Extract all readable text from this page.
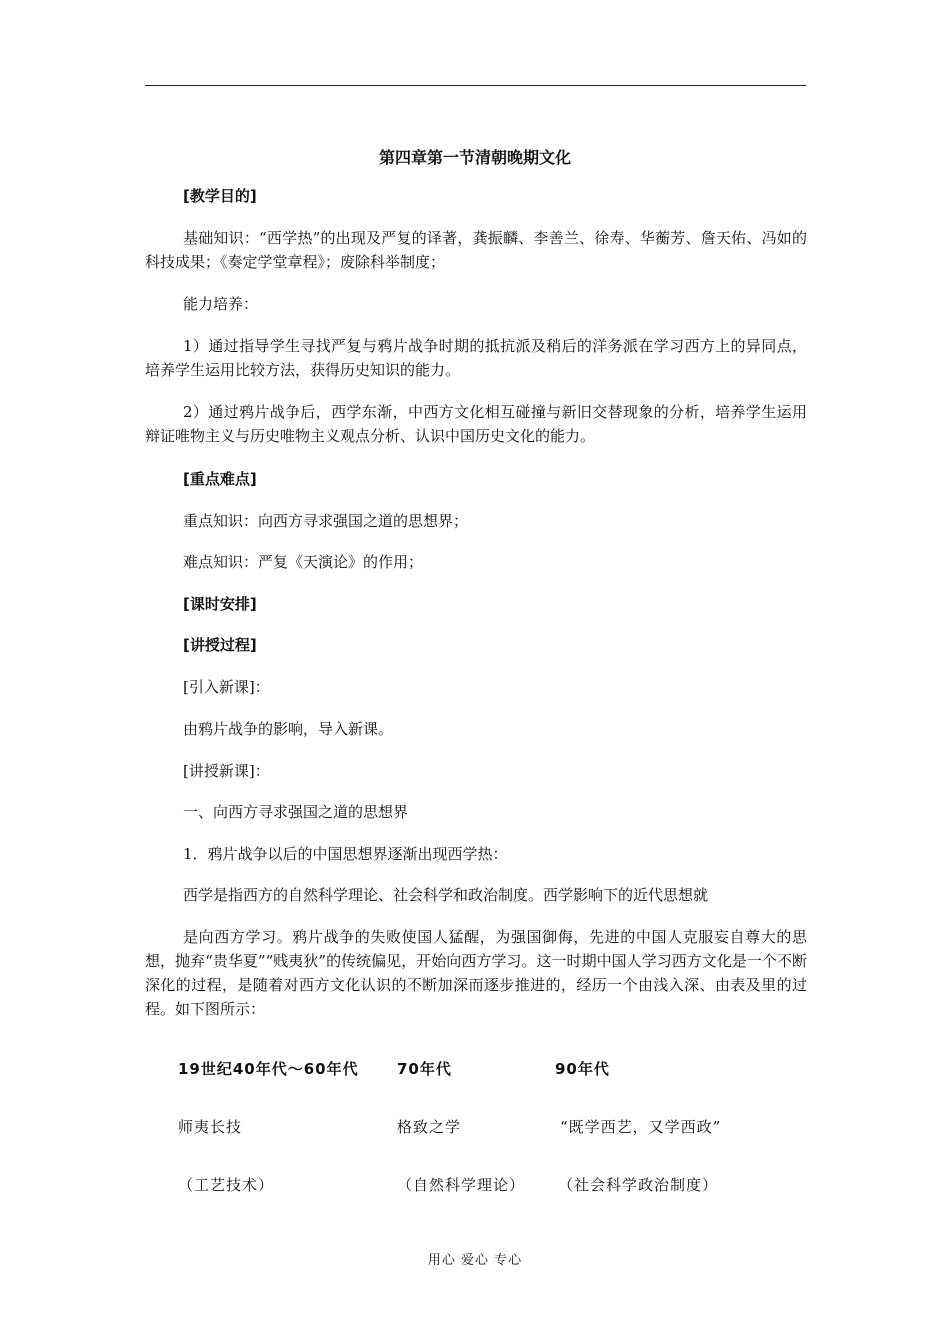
第四章第一节清朝晚期文化
[教学目的]
基础知识：“西学热”的出现及严复的译著，龚振麟、李善兰、徐寿、华蘅芳、詹天佑、冯如的科技成果；《奏定学堂章程》；废除科举制度；
能力培养：
1）通过指导学生寻找严复与鸦片战争时期的抵抗派及稍后的洋务派在学习西方上的异同点，培养学生运用比较方法，获得历史知识的能力。
2）通过鸦片战争后，西学东渐，中西方文化相互碰撞与新旧交替现象的分析，培养学生运用辩证唯物主义与历史唯物主义观点分析、认识中国历史文化的能力。
[重点难点]
重点知识：向西方寻求强国之道的思想界；
难点知识：严复《天演论》的作用；
[课时安排]
[讲授过程]
[引入新课]：
由鸦片战争的影响，导入新课。
[讲授新课]：
一、向西方寻求强国之道的思想界
1．鸦片战争以后的中国思想界逐渐出现西学热：
西学是指西方的自然科学理论、社会科学和政治制度。西学影响下的近代思想就
是向西方学习。鸦片战争的失败使国人猛醒，为强国御侮，先进的中国人克服妄自尊大的思想，抛弃“贵华夏”“贱夷狄”的传统偏见，开始向西方学习。这一时期中国人学习西方文化是一个不断深化的过程，是随着对西方文化认识的不断加深而逐步推进的，经历一个由浅入深、由表及里的过程。如下图所示：
19世纪40年代～60年代	70年代	90年代
师夷长技	格致之学	“既学西艺，又学西政”
（工艺技术）	（自然科学理论） （社会科学政治制度）
用心 爱心 专心
